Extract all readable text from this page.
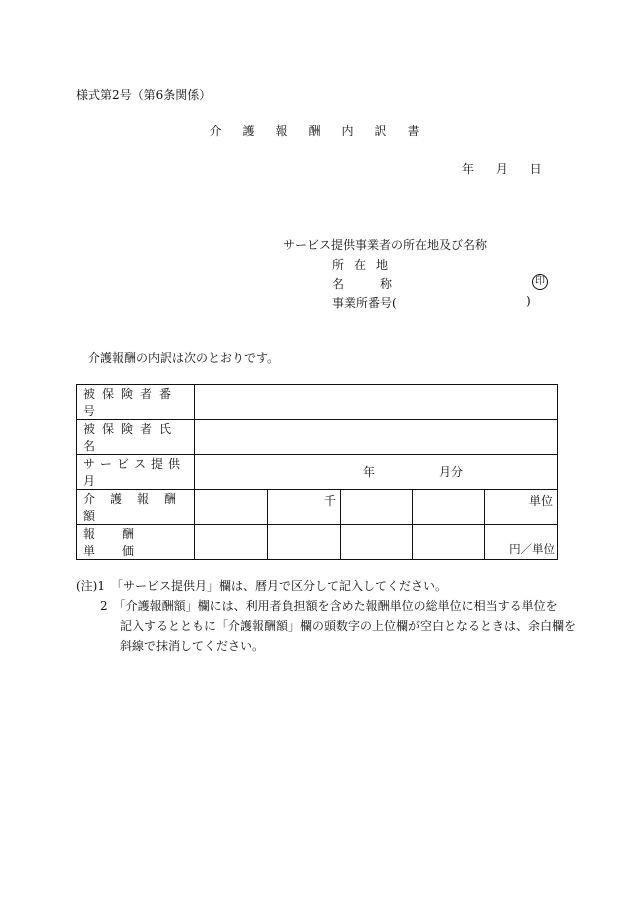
様式第2号（第6条関係）
介護報酬内訳書
年 月 日
サービス提供事業者の所在地及び名称
所在地
名称	印
事業所番号(	)
介護報酬の内訳は次のとおりです。
被保険者番号					
被保険者氏名					
サービス提供月	年 月分				

介護報酬額		千			単位

報酬単価					円／単位
(注)1　「サービス提供月」欄は、暦月で区分して記入してください。
2　「介護報酬額」欄には、利用者負担額を含めた報酬単位の総単位に相当する単位を
記入するとともに「介護報酬額」欄の頭数字の上位欄が空白となるときは、余白欄を
斜線で抹消してください。
